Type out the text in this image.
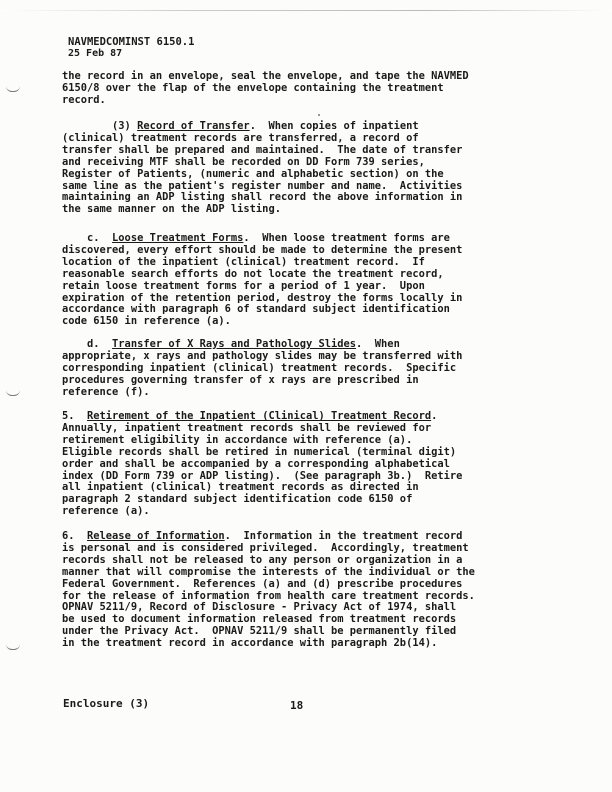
NAVMEDCOMINST 6150.1
25 Feb 87
the record in an envelope, seal the envelope, and tape the NAVMED
6150/8 over the flap of the envelope containing the treatment
record.
(3) Record of Transfer.  When copies of inpatient
(clinical) treatment records are transferred, a record of
transfer shall be prepared and maintained.  The date of transfer
and receiving MTF shall be recorded on DD Form 739 series,
Register of Patients, (numeric and alphabetic section) on the
same line as the patient's register number and name.  Activities
maintaining an ADP listing shall record the above information in
the same manner on the ADP listing.
c.  Loose Treatment Forms.  When loose treatment forms are
discovered, every effort should be made to determine the present
location of the inpatient (clinical) treatment record.  If
reasonable search efforts do not locate the treatment record,
retain loose treatment forms for a period of 1 year.  Upon
expiration of the retention period, destroy the forms locally in
accordance with paragraph 6 of standard subject identification
code 6150 in reference (a).
d.  Transfer of X Rays and Pathology Slides.  When
appropriate, x rays and pathology slides may be transferred with
corresponding inpatient (clinical) treatment records.  Specific
procedures governing transfer of x rays are prescribed in
reference (f).
5.  Retirement of the Inpatient (Clinical) Treatment Record.
Annually, inpatient treatment records shall be reviewed for
retirement eligibility in accordance with reference (a).
Eligible records shall be retired in numerical (terminal digit)
order and shall be accompanied by a corresponding alphabetical
index (DD Form 739 or ADP listing).  (See paragraph 3b.)  Retire
all inpatient (clinical) treatment records as directed in
paragraph 2 standard subject identification code 6150 of
reference (a).
6.  Release of Information.  Information in the treatment record
is personal and is considered privileged.  Accordingly, treatment
records shall not be released to any person or organization in a
manner that will compromise the interests of the individual or the
Federal Government.  References (a) and (d) prescribe procedures
for the release of information from health care treatment records.
OPNAV 5211/9, Record of Disclosure - Privacy Act of 1974, shall
be used to document information released from treatment records
under the Privacy Act.  OPNAV 5211/9 shall be permanently filed
in the treatment record in accordance with paragraph 2b(14).
Enclosure (3)	18
